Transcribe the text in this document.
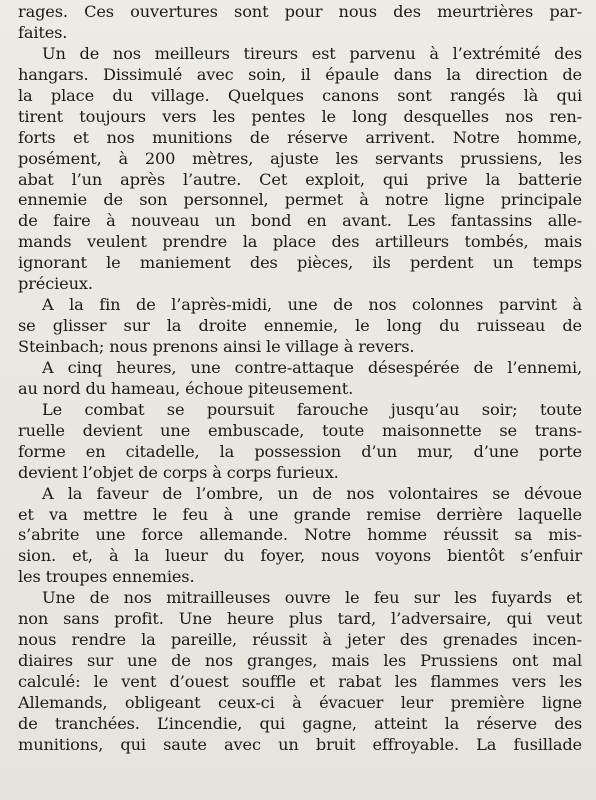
rages. Ces ouvertures sont pour nous des meurtrières par-
faites.
Un de nos meilleurs tireurs est parvenu à l’extrémité des
hangars. Dissimulé avec soin, il épaule dans la direction de
la place du village. Quelques canons sont rangés là qui
tirent toujours vers les pentes le long desquelles nos ren-
forts et nos munitions de réserve arrivent. Notre homme,
posément, à 200 mètres, ajuste les servants prussiens, les
abat l’un après l’autre. Cet exploit, qui prive la batterie
ennemie de son personnel, permet à notre ligne principale
de faire à nouveau un bond en avant. Les fantassins alle-
mands veulent prendre la place des artilleurs tombés, mais
ignorant le maniement des pièces, ils perdent un temps
précieux.
A la fin de l’après-midi, une de nos colonnes parvint à
se glisser sur la droite ennemie, le long du ruisseau de
Steinbach; nous prenons ainsi le village à revers.
A cinq heures, une contre-attaque désespérée de l’ennemi,
au nord du hameau, échoue piteusement.
Le combat se poursuit farouche jusqu’au soir; toute
ruelle devient une embuscade, toute maisonnette se trans-
forme en citadelle, la possession d’un mur, d’une porte
devient l’objet de corps à corps furieux.
A la faveur de l’ombre, un de nos volontaires se dévoue
et va mettre le feu à une grande remise derrière laquelle
s’abrite une force allemande. Notre homme réussit sa mis-
sion. et, à la lueur du foyer, nous voyons bientôt s’enfuir
les troupes ennemies.
Une de nos mitrailleuses ouvre le feu sur les fuyards et
non sans profit. Une heure plus tard, l’adversaire, qui veut
nous rendre la pareille, réussit à jeter des grenades incen-
diaires sur une de nos granges, mais les Prussiens ont mal
calculé: le vent d’ouest souffle et rabat les flammes vers les
Allemands, obligeant ceux-ci à évacuer leur première ligne
de tranchées. L’incendie, qui gagne, atteint la réserve des
munitions, qui saute avec un bruit effroyable. La fusillade
